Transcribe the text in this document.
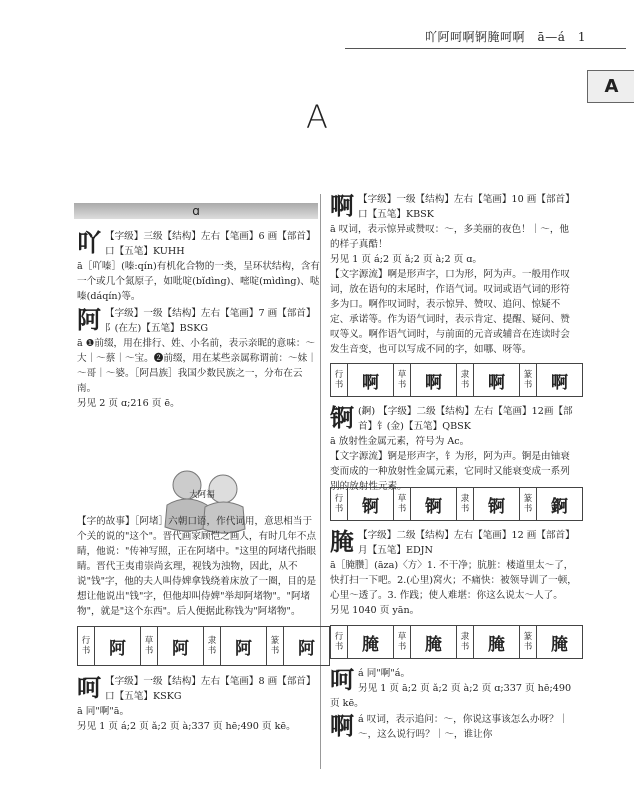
吖阿呵啊锕腌呵啊　ā—á　1
A
A
ɑ
吖 【字级】三级【结构】左右【笔画】6 画【部首】口【五笔】KUHH
ā［吖嗪］(嗪:qín)有机化合物的一类，呈环状结构，含有一个或几个氮原子，如吡啶(bǐdìng)、嘧啶(mìdìng)、哒嗪(dáqín)等。
阿 【字级】一级【结构】左右【笔画】7 画【部首】阝(在左)【五笔】BSKG
ā ❶前缀，用在排行、姓、小名前，表示亲昵的意味：～大｜～蔡｜～宝。❷前缀，用在某些亲属称谓前：～妹｜～哥｜～婆。［阿昌族］我国少数民族之一，分布在云南。
另见 2 页 ɑ;216 页 ē。
大阿福
【字的故事】［阿堵］六朝口语，作代词用，意思相当于个关的说的"这个"。晋代画家顾恺之画人，有时几年不点睛，他说："传神写照，正在阿堵中。"这里的阿堵代指眼睛。晋代王夷甫崇尚玄理，视钱为浊物，因此，从不说"钱"字，他的夫人叫侍婢拿钱绕着床放了一圈，目的是想让他说出"钱"字，但他却叫侍婢"举却阿堵物"。"阿堵物"，就是"这个东西"。后人便据此称钱为"阿堵物"。
行书	阿	草书	阿	隶书	阿	篆书	阿
呵 【字级】一级【结构】左右【笔画】8 画【部首】口【五笔】KSKG
ā 同"啊"ā。
另见 1 页 á;2 页 ǎ;2 页 à;337 页 hē;490 页 kē。
啊 【字级】一级【结构】左右【笔画】10 画【部首】口【五笔】KBSK
ā 叹词，表示惊异或赞叹：～，多美丽的夜色！｜～，他的样子真酷！
另见 1 页 á;2 页 ǎ;2 页 à;2 页 ɑ。
【文字源流】啊是形声字，口为形，阿为声。一般用作叹词，放在语句的末尾时，作语气词。叹词或语气词的形符多为口。啊作叹词时，表示惊异、赞叹、追问、惊疑不定、承诺等。作为语气词时，表示肯定、提醒、疑问、赞叹等义。啊作语气词时，与前面的元音或辅音在连读时会发生音变，也可以写成不同的字，如哪、呀等。
行书	啊	草书	啊	隶书	啊	篆书	啊
锕 (錒) 【字级】二级【结构】左右【笔画】12画【部首】钅(金)【五笔】QBSK
ā 放射性金属元素，符号为 Ac。
【文字源流】锕是形声字，钅为形，阿为声。锕是由铀衰变而成的一种放射性金属元素，它同时又能衰变成一系列別的放射性元素。
行书	锕	草书	锕	隶书	锕	篆书	錒
腌 【字级】二级【结构】左右【笔画】12 画【部首】月【五笔】EDJN
ā［腌臜］(āza)〈方〉1. 不干净；肮脏：楼道里太～了，快打扫一下吧。2.(心里)窝火；不痛快：被领导训了一顿，心里～透了。3. 作践；使人难堪：你这么说太～人了。
另见 1040 页 yān。
行书	腌	草书	腌	隶书	腌	篆书	腌
呵 á 同"啊"á。
另见 1 页 ā;2 页 ǎ;2 页 à;2 页 ɑ;337 页 hē;490 页 kē。
啊 á 叹词，表示追问：～，你说这事该怎么办呀？｜～，这么说行吗？｜～，谁让你
